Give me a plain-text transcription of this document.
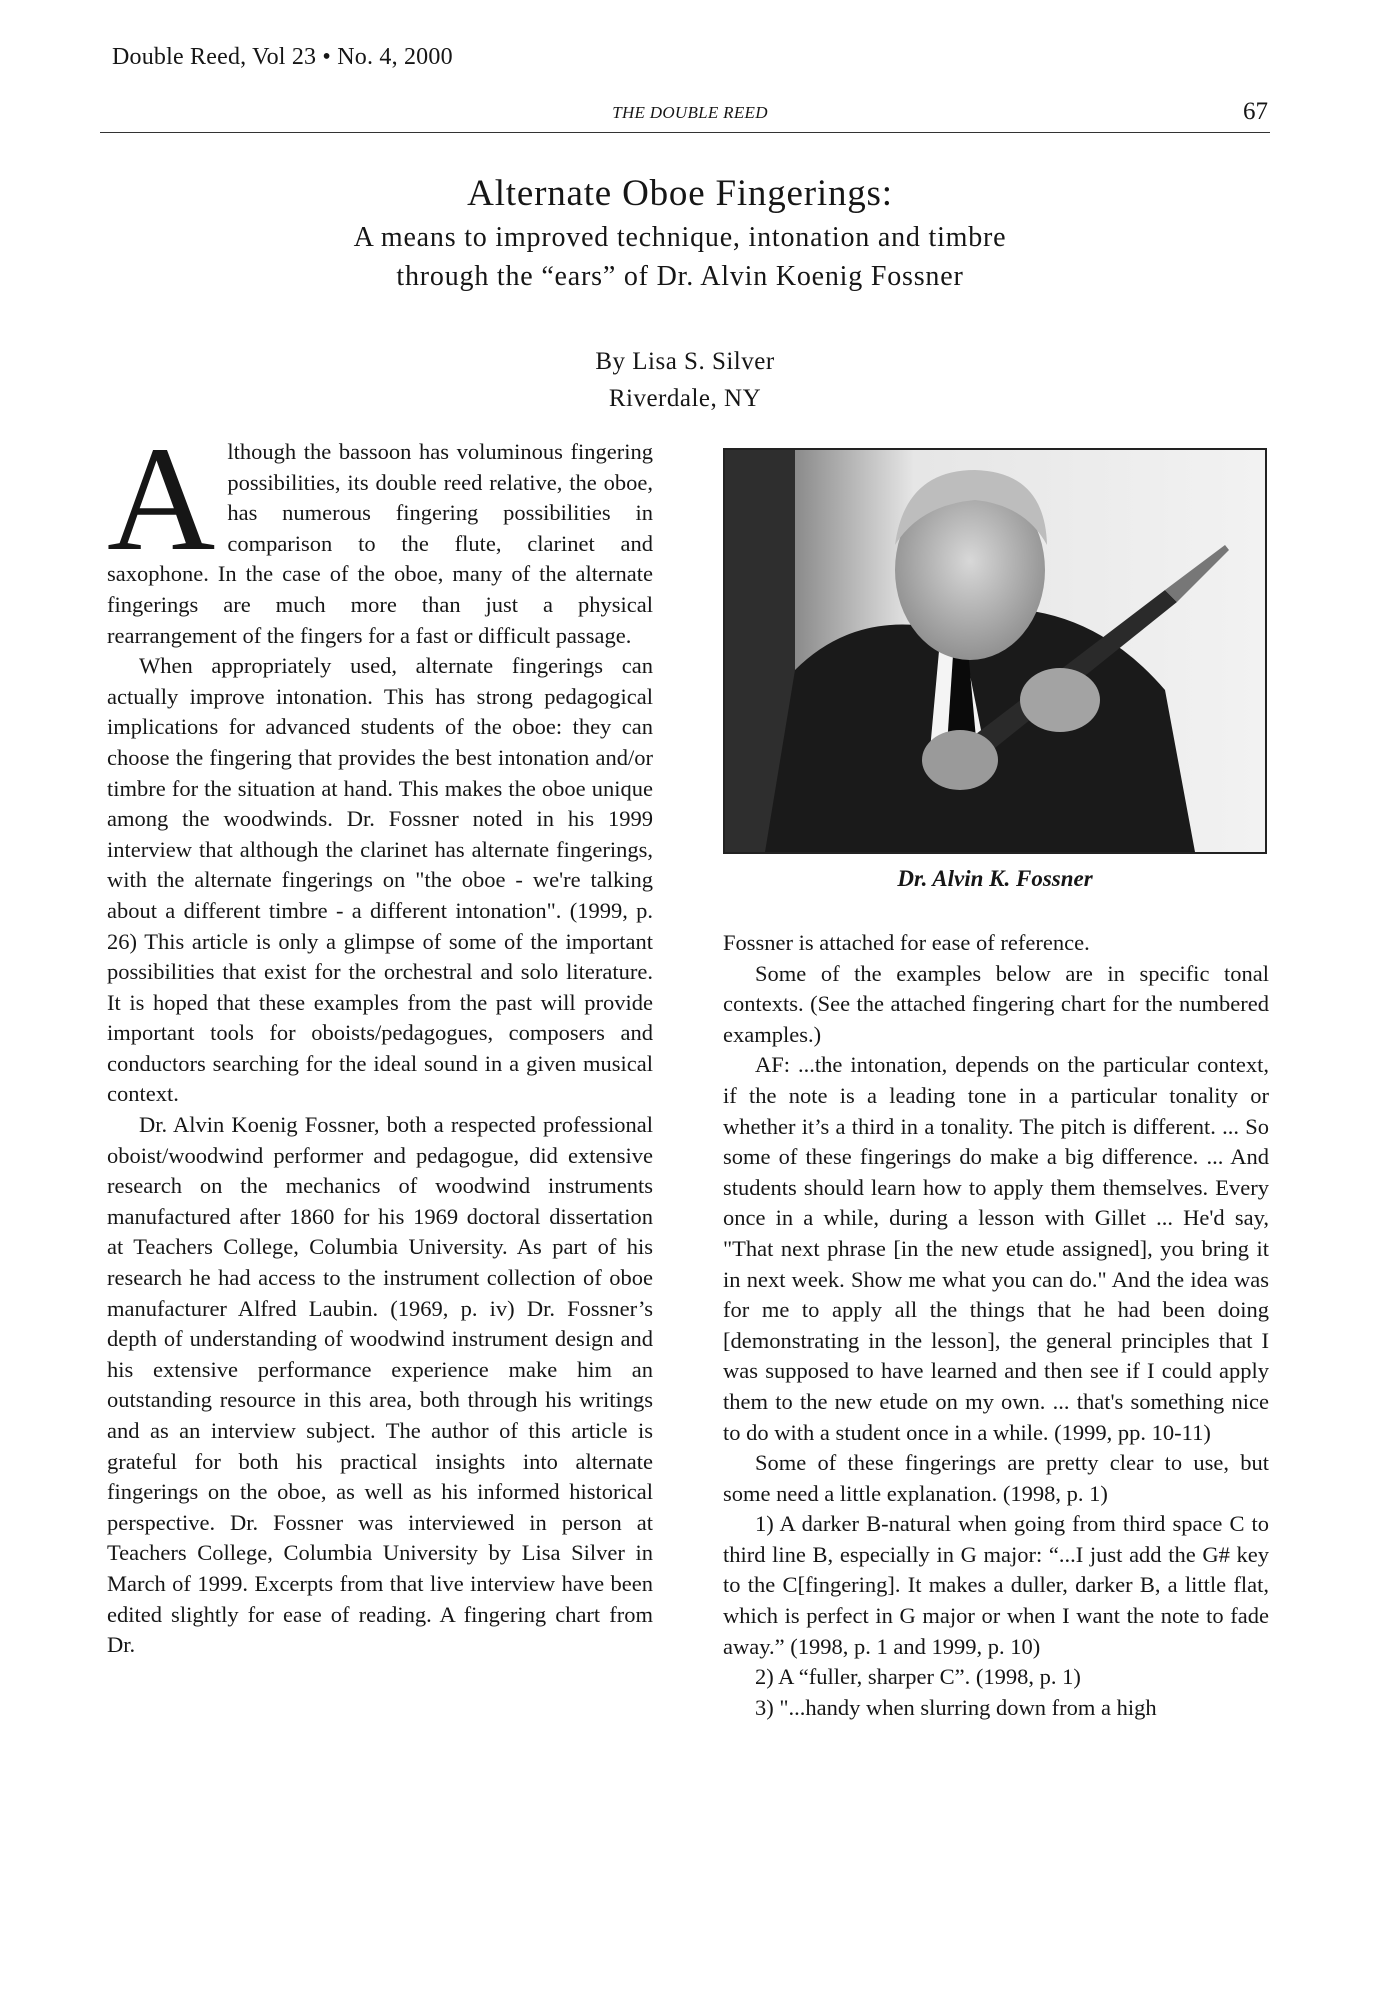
Double Reed, Vol 23 • No. 4, 2000
THE DOUBLE REED	67
Alternate Oboe Fingerings:
A means to improved technique, intonation and timbre
through the “ears” of Dr. Alvin Koenig Fossner
By Lisa S. Silver
Riverdale, NY

Although the bassoon has voluminous fingering possibilities, its double reed relative, the oboe, has numerous fingering possibilities in comparison to the flute, clarinet and saxophone. In the case of the oboe, many of the alternate fingerings are much more than just a physical rearrangement of the fingers for a fast or difficult passage.

When appropriately used, alternate fingerings can actually improve intonation. This has strong pedagogical implications for advanced students of the oboe: they can choose the fingering that provides the best intonation and/or timbre for the situation at hand. This makes the oboe unique among the woodwinds. Dr. Fossner noted in his 1999 interview that although the clarinet has alternate fingerings, with the alternate fingerings on "the oboe - we're talking about a different timbre - a different intonation". (1999, p. 26) This article is only a glimpse of some of the important possibilities that exist for the orchestral and solo literature. It is hoped that these examples from the past will provide important tools for oboists/pedagogues, composers and conductors searching for the ideal sound in a given musical context.

Dr. Alvin Koenig Fossner, both a respected professional oboist/woodwind performer and pedagogue, did extensive research on the mechanics of woodwind instruments manufactured after 1860 for his 1969 doctoral dissertation at Teachers College, Columbia University. As part of his research he had access to the instrument collection of oboe manufacturer Alfred Laubin. (1969, p. iv) Dr. Fossner’s depth of understanding of woodwind instrument design and his extensive performance experience make him an outstanding resource in this area, both through his writings and as an interview subject. The author of this article is grateful for both his practical insights into alternate fingerings on the oboe, as well as his informed historical perspective. Dr. Fossner was interviewed in person at Teachers College, Columbia University by Lisa Silver in March of 1999. Excerpts from that live interview have been edited slightly for ease of reading. A fingering chart from Dr.

Dr. Alvin K. Fossner

Fossner is attached for ease of reference.

Some of the examples below are in specific tonal contexts. (See the attached fingering chart for the numbered examples.)

AF: ...the intonation, depends on the particular context, if the note is a leading tone in a particular tonality or whether it’s a third in a tonality. The pitch is different. ... So some of these fingerings do make a big difference. ... And students should learn how to apply them themselves. Every once in a while, during a lesson with Gillet ... He'd say, "That next phrase [in the new etude assigned], you bring it in next week. Show me what you can do." And the idea was for me to apply all the things that he had been doing [demonstrating in the lesson], the general principles that I was supposed to have learned and then see if I could apply them to the new etude on my own. ... that's something nice to do with a student once in a while. (1999, pp. 10-11)

Some of these fingerings are pretty clear to use, but some need a little explanation. (1998, p. 1)

1) A darker B-natural when going from third space C to third line B, especially in G major: “...I just add the G# key to the C[fingering]. It makes a duller, darker B, a little flat, which is perfect in G major or when I want the note to fade away.” (1998, p. 1 and 1999, p. 10)

2) A “fuller, sharper C”. (1998, p. 1)

3) "...handy when slurring down from a high
